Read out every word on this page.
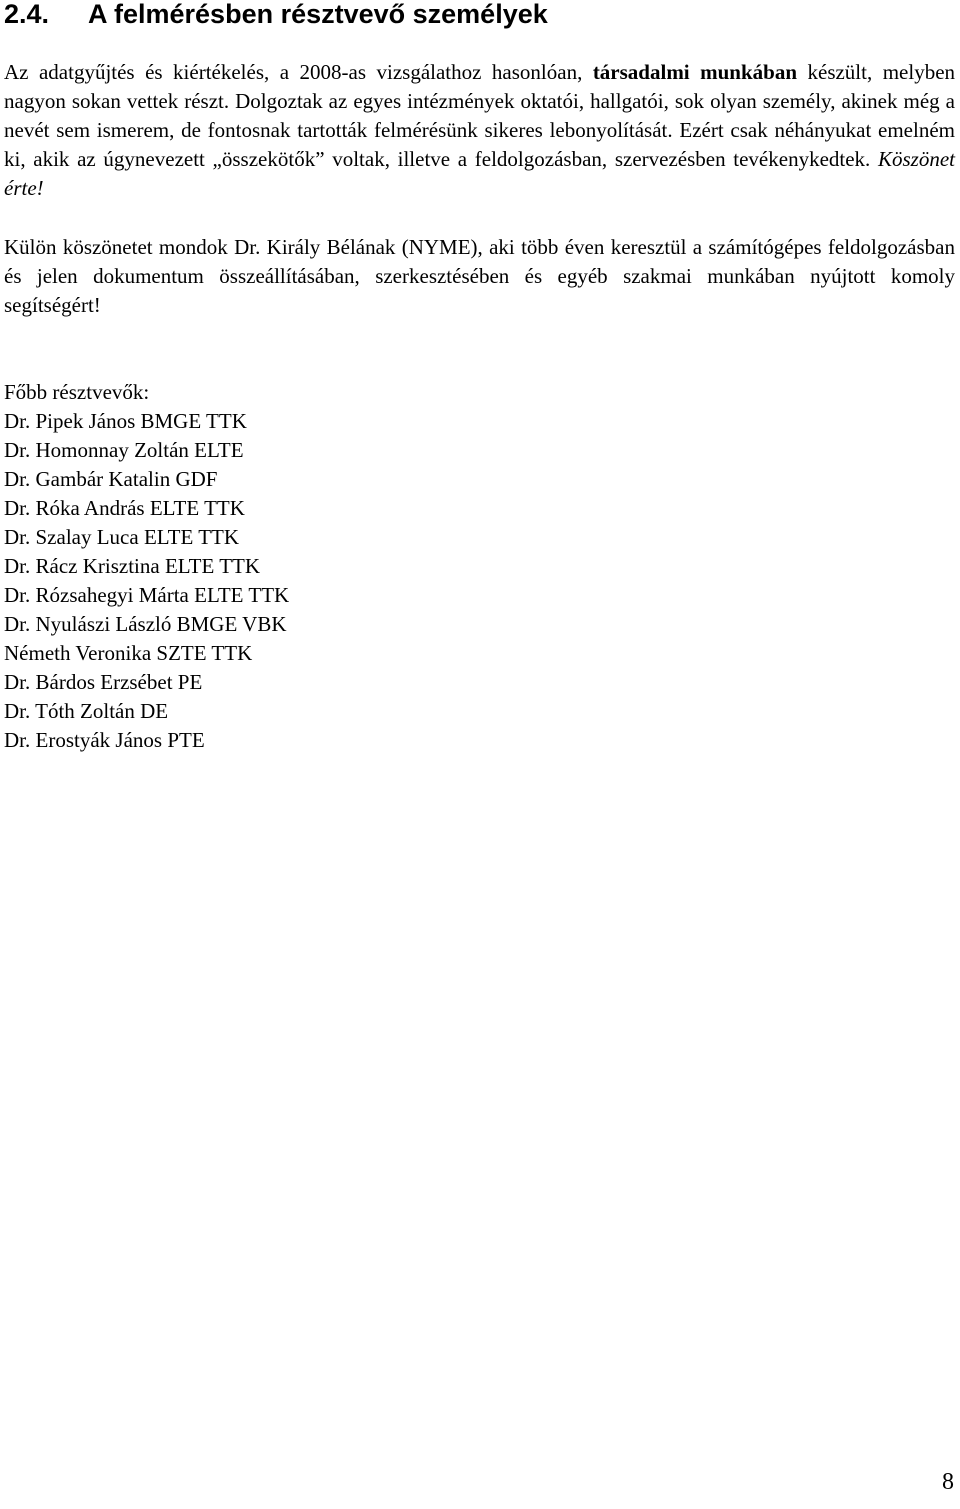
2.4. A felmérésben résztvevő személyek

Az adatgyűjtés és kiértékelés, a 2008-as vizsgálathoz hasonlóan, társadalmi munkában készült, melyben nagyon sokan vettek részt. Dolgoztak az egyes intézmények oktatói, hallgatói, sok olyan személy, akinek még a nevét sem ismerem, de fontosnak tartották felmérésünk sikeres lebonyolítását. Ezért csak néhányukat emelném ki, akik az úgynevezett „összekötők” voltak, illetve a feldolgozásban, szervezésben tevékenykedtek. Köszönet érte!

Külön köszönetet mondok Dr. Király Bélának (NYME), aki több éven keresztül a számítógépes feldolgozásban és jelen dokumentum összeállításában, szerkesztésében és egyéb szakmai munkában nyújtott komoly segítségért!

Főbb résztvevők:
Dr. Pipek János BMGE TTK
Dr. Homonnay Zoltán ELTE
Dr. Gambár Katalin GDF
Dr. Róka András ELTE TTK
Dr. Szalay Luca ELTE TTK
Dr. Rácz Krisztina ELTE TTK
Dr. Rózsahegyi Márta ELTE TTK
Dr. Nyulászi László BMGE VBK
Németh Veronika SZTE TTK
Dr. Bárdos Erzsébet PE
Dr. Tóth Zoltán DE
Dr. Erostyák János PTE
8
